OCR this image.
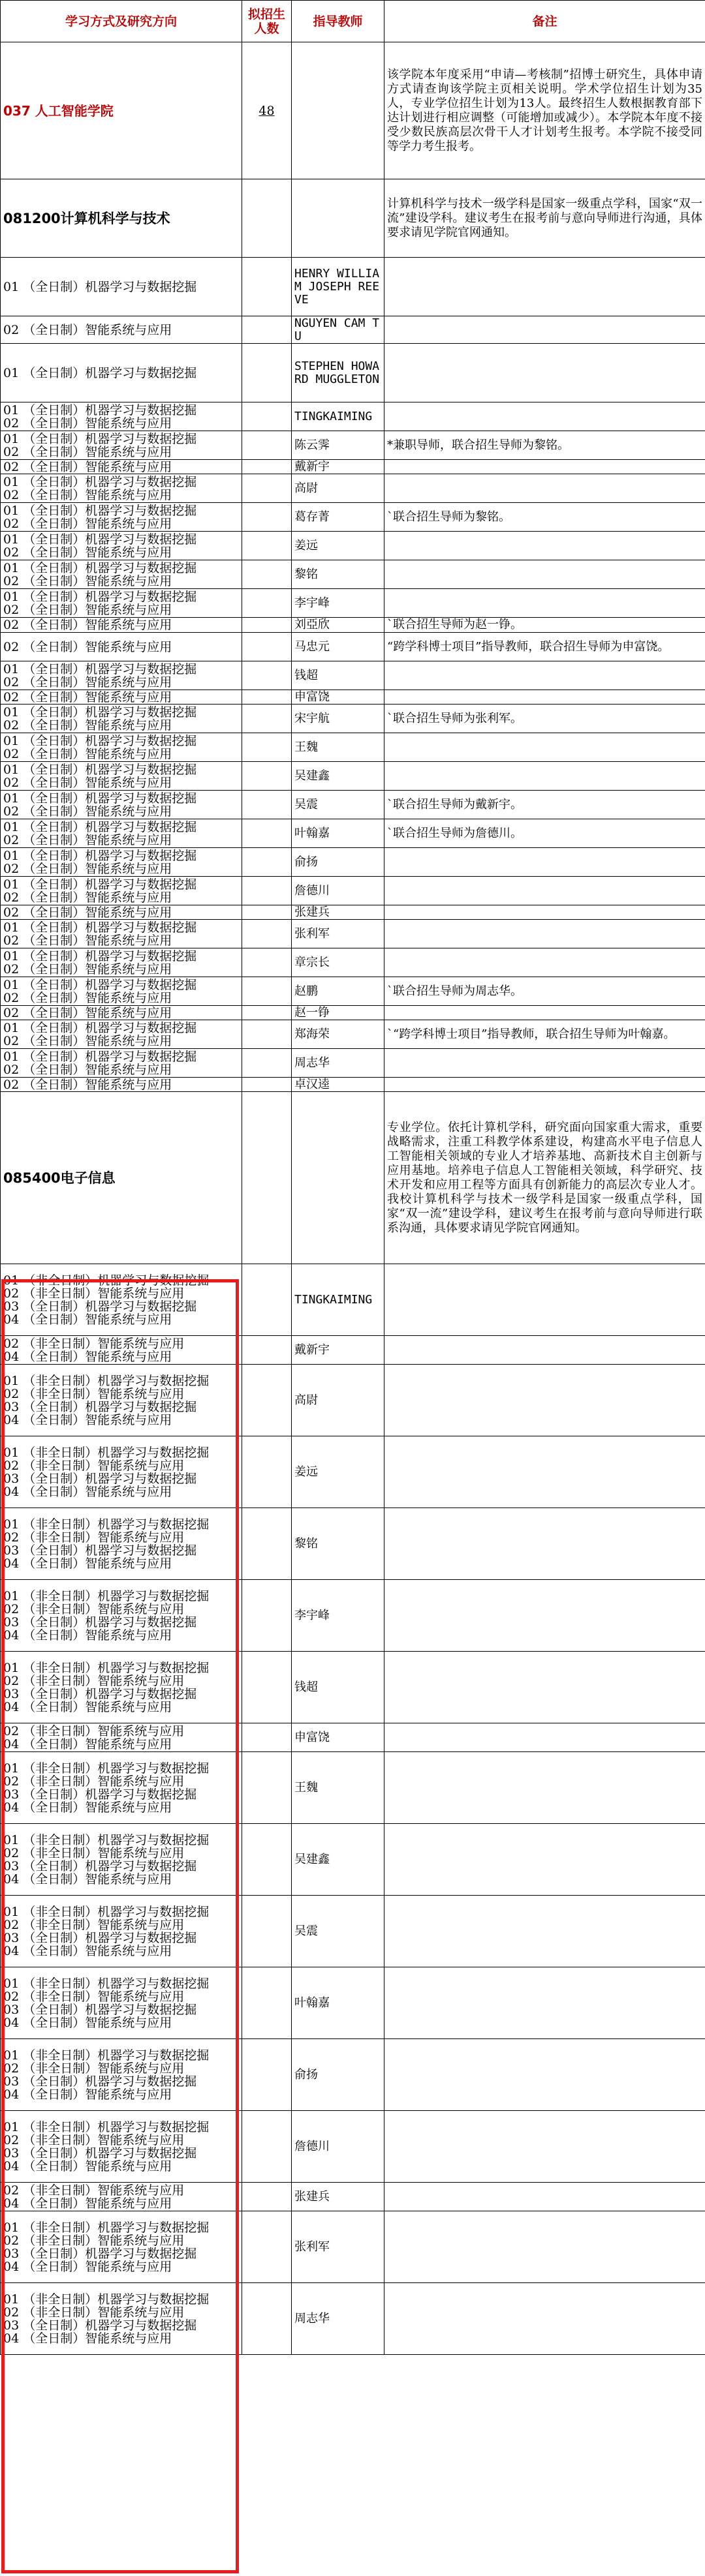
学习方式及研究方向	拟招生
人数	指导教师	备注
037 人工智能学院	48		该学院本年度采用“申请—考核制”招博士研究生，具体申请方式请查询该学院主页相关说明。学术学位招生计划为35人，专业学位招生计划为13人。最终招生人数根据教育部下达计划进行相应调整（可能增加或减少）。本学院本年度不接受少数民族高层次骨干人才计划考生报考。本学院不接受同等学力考生报考。
081200计算机科学与技术			计算机科学与技术一级学科是国家一级重点学科，国家“双一流”建设学科。建议考生在报考前与意向导师进行沟通，具体要求请见学院官网通知。
01 （全日制）机器学习与数据挖掘		HENRY WILLIAM JOSEPH REEVE	
02 （全日制）智能系统与应用		NGUYEN CAM TU	
01 （全日制）机器学习与数据挖掘		STEPHEN HOWARD MUGGLETON	
01 （全日制）机器学习与数据挖掘
02 （全日制）智能系统与应用		TINGKAIMING	
01 （全日制）机器学习与数据挖掘
02 （全日制）智能系统与应用		陈云霁	*兼职导师，联合招生导师为黎铭。
02 （全日制）智能系统与应用		戴新宇	
01 （全日制）机器学习与数据挖掘
02 （全日制）智能系统与应用		高尉	
01 （全日制）机器学习与数据挖掘
02 （全日制）智能系统与应用		葛存菁	`联合招生导师为黎铭。
01 （全日制）机器学习与数据挖掘
02 （全日制）智能系统与应用		姜远	
01 （全日制）机器学习与数据挖掘
02 （全日制）智能系统与应用		黎铭	
01 （全日制）机器学习与数据挖掘
02 （全日制）智能系统与应用		李宇峰	
02 （全日制）智能系统与应用		刘亞欣	`联合招生导师为赵一铮。
02 （全日制）智能系统与应用		马忠元	“跨学科博士项目”指导教师，联合招生导师为申富饶。
01 （全日制）机器学习与数据挖掘
02 （全日制）智能系统与应用		钱超	
02 （全日制）智能系统与应用		申富饶	
01 （全日制）机器学习与数据挖掘
02 （全日制）智能系统与应用		宋宇航	`联合招生导师为张利军。
01 （全日制）机器学习与数据挖掘
02 （全日制）智能系统与应用		王魏	
01 （全日制）机器学习与数据挖掘
02 （全日制）智能系统与应用		吴建鑫	
01 （全日制）机器学习与数据挖掘
02 （全日制）智能系统与应用		吴震	`联合招生导师为戴新宇。
01 （全日制）机器学习与数据挖掘
02 （全日制）智能系统与应用		叶翰嘉	`联合招生导师为詹德川。
01 （全日制）机器学习与数据挖掘
02 （全日制）智能系统与应用		俞扬	
01 （全日制）机器学习与数据挖掘
02 （全日制）智能系统与应用		詹德川	
02 （全日制）智能系统与应用		张建兵	
01 （全日制）机器学习与数据挖掘
02 （全日制）智能系统与应用		张利军	
01 （全日制）机器学习与数据挖掘
02 （全日制）智能系统与应用		章宗长	
01 （全日制）机器学习与数据挖掘
02 （全日制）智能系统与应用		赵鹏	`联合招生导师为周志华。
02 （全日制）智能系统与应用		赵一铮	
01 （全日制）机器学习与数据挖掘
02 （全日制）智能系统与应用		郑海荣	`“跨学科博士项目”指导教师，联合招生导师为叶翰嘉。
01 （全日制）机器学习与数据挖掘
02 （全日制）智能系统与应用		周志华	
02 （全日制）智能系统与应用		卓汉逵	
085400电子信息			专业学位。依托计算机学科，研究面向国家重大需求，重要战略需求，注重工科教学体系建设，构建高水平电子信息人工智能相关领域的专业人才培养基地、高新技术自主创新与应用基地。培养电子信息人工智能相关领域，科学研究、技术开发和应用工程等方面具有创新能力的高层次专业人才。我校计算机科学与技术一级学科是国家一级重点学科，国家“双一流”建设学科，建议考生在报考前与意向导师进行联系沟通，具体要求请见学院官网通知。
01 （非全日制）机器学习与数据挖掘
02 （非全日制）智能系统与应用
03 （全日制）机器学习与数据挖掘
04 （全日制）智能系统与应用		TINGKAIMING	
02 （非全日制）智能系统与应用
04 （全日制）智能系统与应用		戴新宇	
01 （非全日制）机器学习与数据挖掘
02 （非全日制）智能系统与应用
03 （全日制）机器学习与数据挖掘
04 （全日制）智能系统与应用		高尉	
01 （非全日制）机器学习与数据挖掘
02 （非全日制）智能系统与应用
03 （全日制）机器学习与数据挖掘
04 （全日制）智能系统与应用		姜远	
01 （非全日制）机器学习与数据挖掘
02 （非全日制）智能系统与应用
03 （全日制）机器学习与数据挖掘
04 （全日制）智能系统与应用		黎铭	
01 （非全日制）机器学习与数据挖掘
02 （非全日制）智能系统与应用
03 （全日制）机器学习与数据挖掘
04 （全日制）智能系统与应用		李宇峰	
01 （非全日制）机器学习与数据挖掘
02 （非全日制）智能系统与应用
03 （全日制）机器学习与数据挖掘
04 （全日制）智能系统与应用		钱超	
02 （非全日制）智能系统与应用
04 （全日制）智能系统与应用		申富饶	
01 （非全日制）机器学习与数据挖掘
02 （非全日制）智能系统与应用
03 （全日制）机器学习与数据挖掘
04 （全日制）智能系统与应用		王魏	
01 （非全日制）机器学习与数据挖掘
02 （非全日制）智能系统与应用
03 （全日制）机器学习与数据挖掘
04 （全日制）智能系统与应用		吴建鑫	
01 （非全日制）机器学习与数据挖掘
02 （非全日制）智能系统与应用
03 （全日制）机器学习与数据挖掘
04 （全日制）智能系统与应用		吴震	
01 （非全日制）机器学习与数据挖掘
02 （非全日制）智能系统与应用
03 （全日制）机器学习与数据挖掘
04 （全日制）智能系统与应用		叶翰嘉	
01 （非全日制）机器学习与数据挖掘
02 （非全日制）智能系统与应用
03 （全日制）机器学习与数据挖掘
04 （全日制）智能系统与应用		俞扬	
01 （非全日制）机器学习与数据挖掘
02 （非全日制）智能系统与应用
03 （全日制）机器学习与数据挖掘
04 （全日制）智能系统与应用		詹德川	
02 （非全日制）智能系统与应用
04 （全日制）智能系统与应用		张建兵	
01 （非全日制）机器学习与数据挖掘
02 （非全日制）智能系统与应用
03 （全日制）机器学习与数据挖掘
04 （全日制）智能系统与应用		张利军	
01 （非全日制）机器学习与数据挖掘
02 （非全日制）智能系统与应用
03 （全日制）机器学习与数据挖掘
04 （全日制）智能系统与应用		周志华	
